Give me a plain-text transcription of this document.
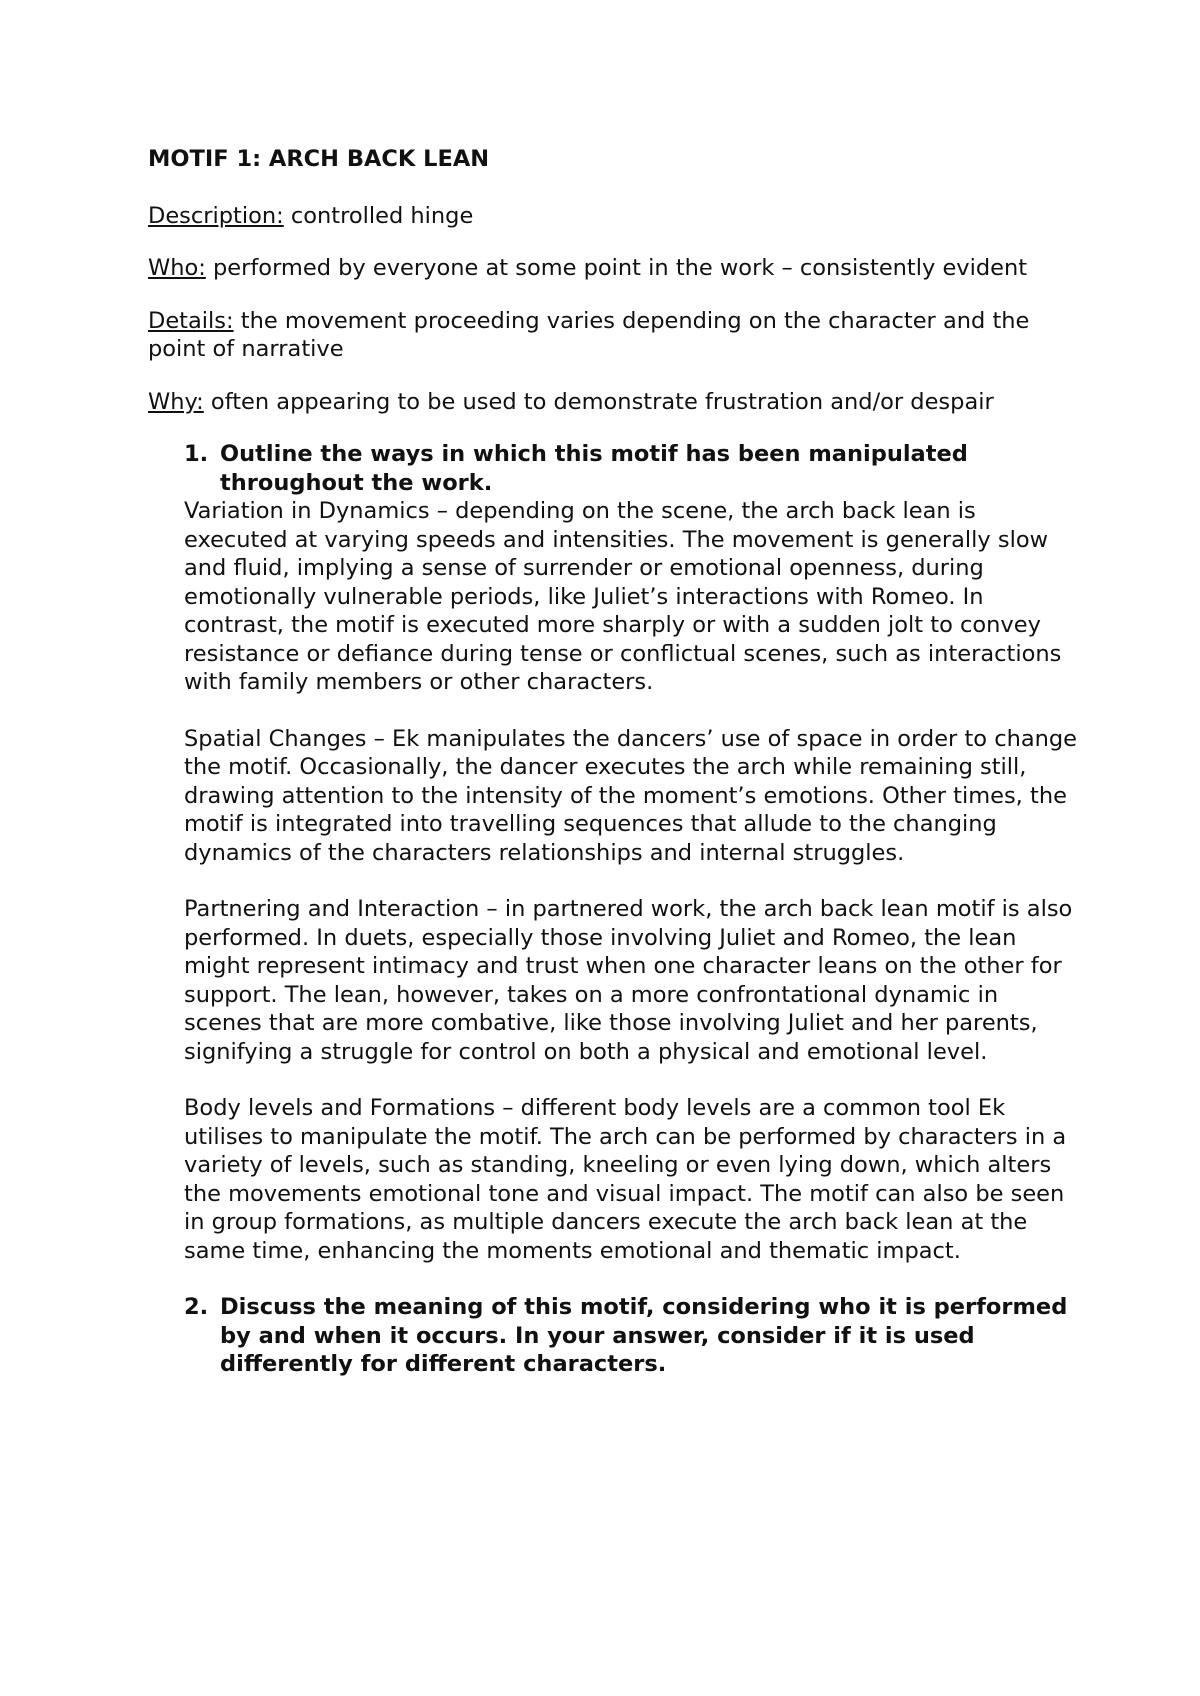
MOTIF 1: ARCH BACK LEAN

Description: controlled hinge

Who: performed by everyone at some point in the work – consistently evident

Details: the movement proceeding varies depending on the character and the point of narrative

Why: often appearing to be used to demonstrate frustration and/or despair

1. Outline the ways in which this motif has been manipulated throughout the work.

Variation in Dynamics – depending on the scene, the arch back lean is executed at varying speeds and intensities. The movement is generally slow and fluid, implying a sense of surrender or emotional openness, during emotionally vulnerable periods, like Juliet’s interactions with Romeo. In contrast, the motif is executed more sharply or with a sudden jolt to convey resistance or defiance during tense or conflictual scenes, such as interactions with family members or other characters.

Spatial Changes – Ek manipulates the dancers’ use of space in order to change the motif. Occasionally, the dancer executes the arch while remaining still, drawing attention to the intensity of the moment’s emotions. Other times, the motif is integrated into travelling sequences that allude to the changing dynamics of the characters relationships and internal struggles.

Partnering and Interaction – in partnered work, the arch back lean motif is also performed. In duets, especially those involving Juliet and Romeo, the lean might represent intimacy and trust when one character leans on the other for support. The lean, however, takes on a more confrontational dynamic in scenes that are more combative, like those involving Juliet and her parents, signifying a struggle for control on both a physical and emotional level.

Body levels and Formations – different body levels are a common tool Ek utilises to manipulate the motif. The arch can be performed by characters in a variety of levels, such as standing, kneeling or even lying down, which alters the movements emotional tone and visual impact. The motif can also be seen in group formations, as multiple dancers execute the arch back lean at the same time, enhancing the moments emotional and thematic impact.

2. Discuss the meaning of this motif, considering who it is performed by and when it occurs. In your answer, consider if it is used differently for different characters.
